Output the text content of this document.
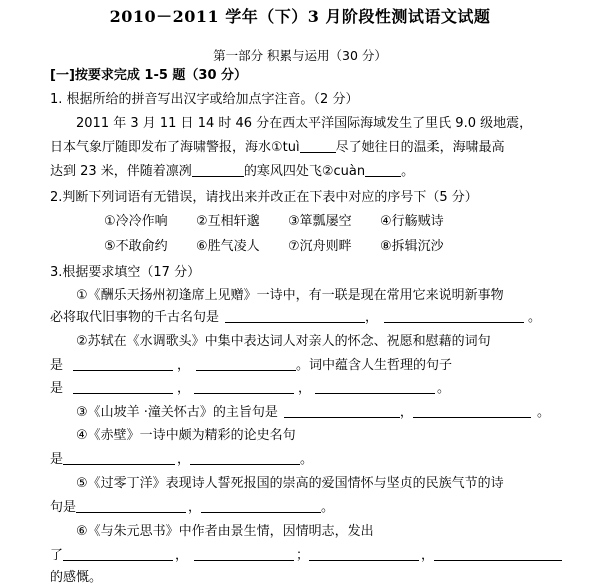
2010－2011 学年（下）3 月阶段性测试语文试题
第一部分 积累与运用（30 分）
[一]按要求完成 1-5 题（30 分）
1. 根据所给的拼音写出汉字或给加点字注音。（2 分）
2011 年 3 月 11 日 14 时 46 分在西太平洋国际海域发生了里氏 9.0 级地震，
日本气象厅随即发布了海啸警报，海水①tuì	尽了她往日的温柔，海啸最高
达到 23 米，伴随着凛冽	的寒风四处飞②cuàn	。
2.判断下列词语有无错误，请找出来并改正在下表中对应的序号下（5 分）
①冷冷作响 ②互相轩邈 ③箪瓢屡空 ④行觞贼诗
⑤不敢俞约 ⑥胜气凌人 ⑦沉舟则畔 ⑧拆辑沉沙
3.根据要求填空（17 分）
①《酬乐天扬州初逢席上见赠》一诗中，有一联是现在常用它来说明新事物
必将取代旧事物的千古名句是	，	。
②苏轼在《水调歌头》中集中表达词人对亲人的怀念、祝愿和慰藉的词句
是	，	。词中蕴含人生哲理的句子
是	，	，	。
③《山坡羊 ·潼关怀古》的主旨句是	，	。
④《赤壁》一诗中颇为精彩的论史名句
是	，	。
⑤《过零丁洋》表现诗人誓死报国的崇高的爱国情怀与坚贞的民族气节的诗
句是	，	。
⑥《与朱元思书》中作者由景生情，因情明志，发出
了	，	；	，
的感慨。
